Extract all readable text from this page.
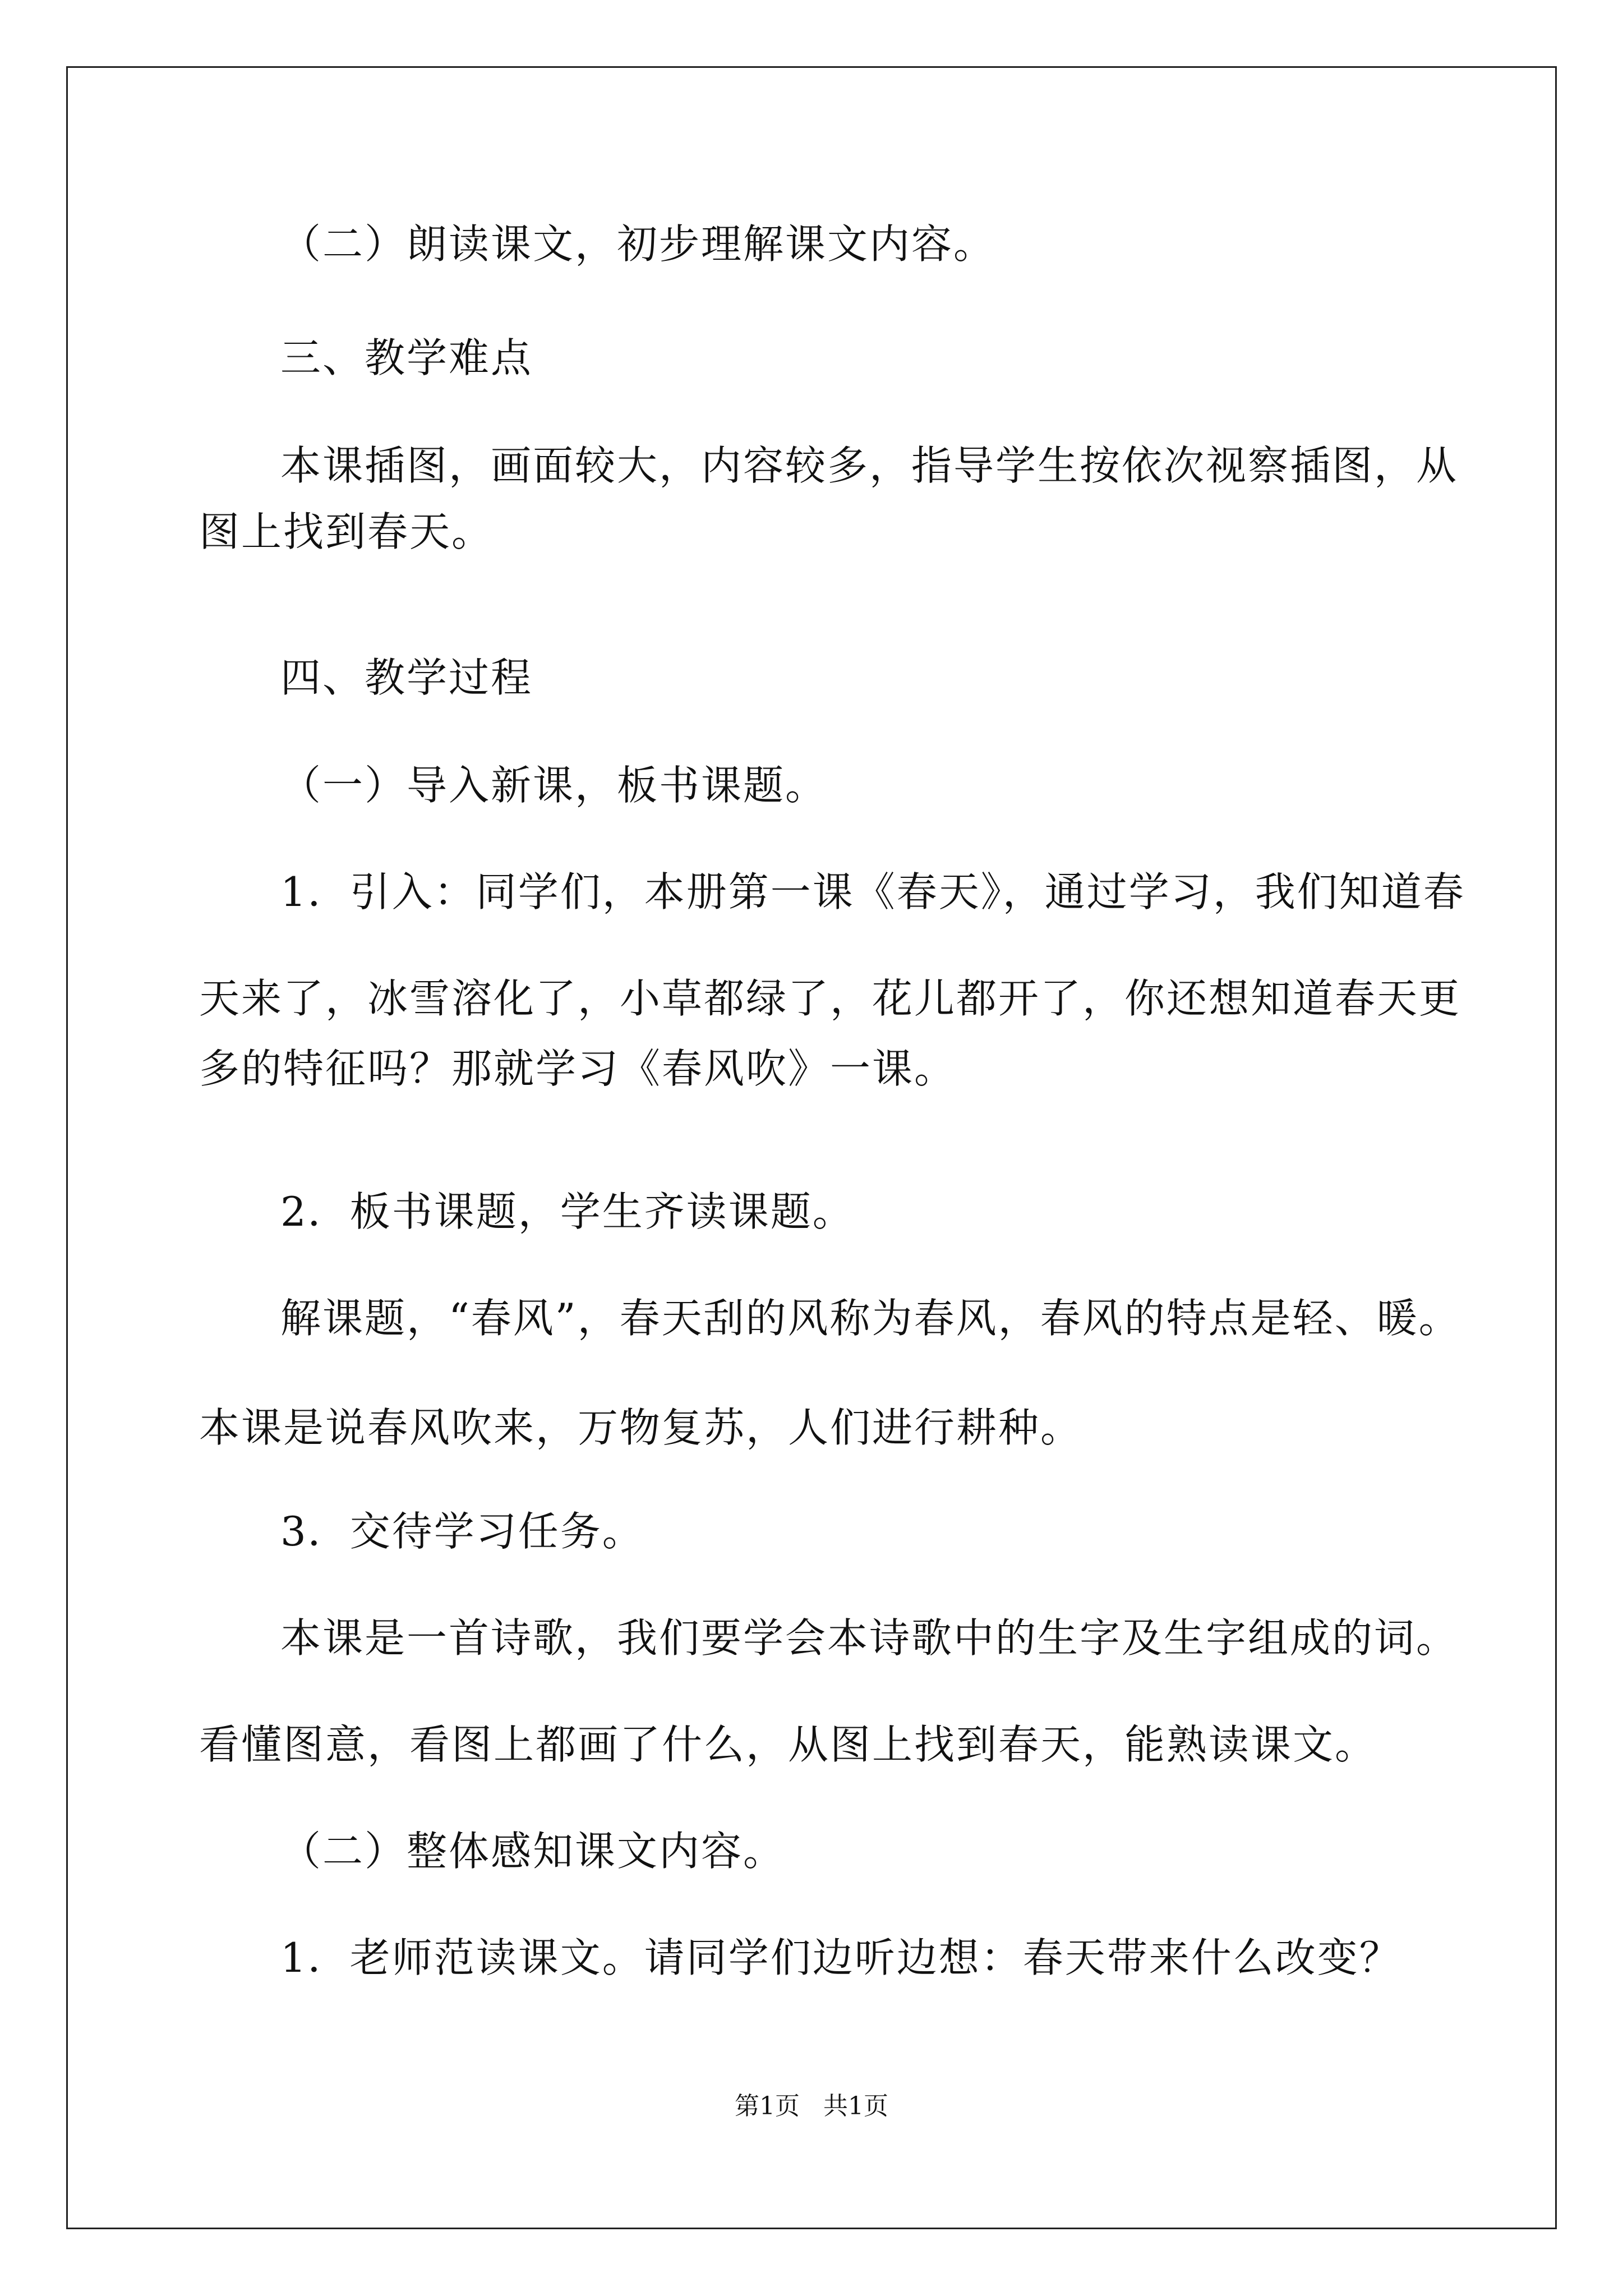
（二）朗读课文，初步理解课文内容。
三、教学难点
本课插图，画面较大，内容较多，指导学生按依次视察插图，从
图上找到春天。
四、教学过程
（一）导入新课，板书课题。
1．引入：同学们，本册第一课《春天》，通过学习，我们知道春
天来了，冰雪溶化了，小草都绿了，花儿都开了，你还想知道春天更
多的特征吗？那就学习《春风吹》一课。
2．板书课题，学生齐读课题。
解课题，“春风”，春天刮的风称为春风，春风的特点是轻、暖。
本课是说春风吹来，万物复苏，人们进行耕种。
3．交待学习任务。
本课是一首诗歌，我们要学会本诗歌中的生字及生字组成的词。
看懂图意，看图上都画了什么，从图上找到春天，能熟读课文。
（二）整体感知课文内容。
1．老师范读课文。请同学们边听边想：春天带来什么改变？
第1页   共1页
